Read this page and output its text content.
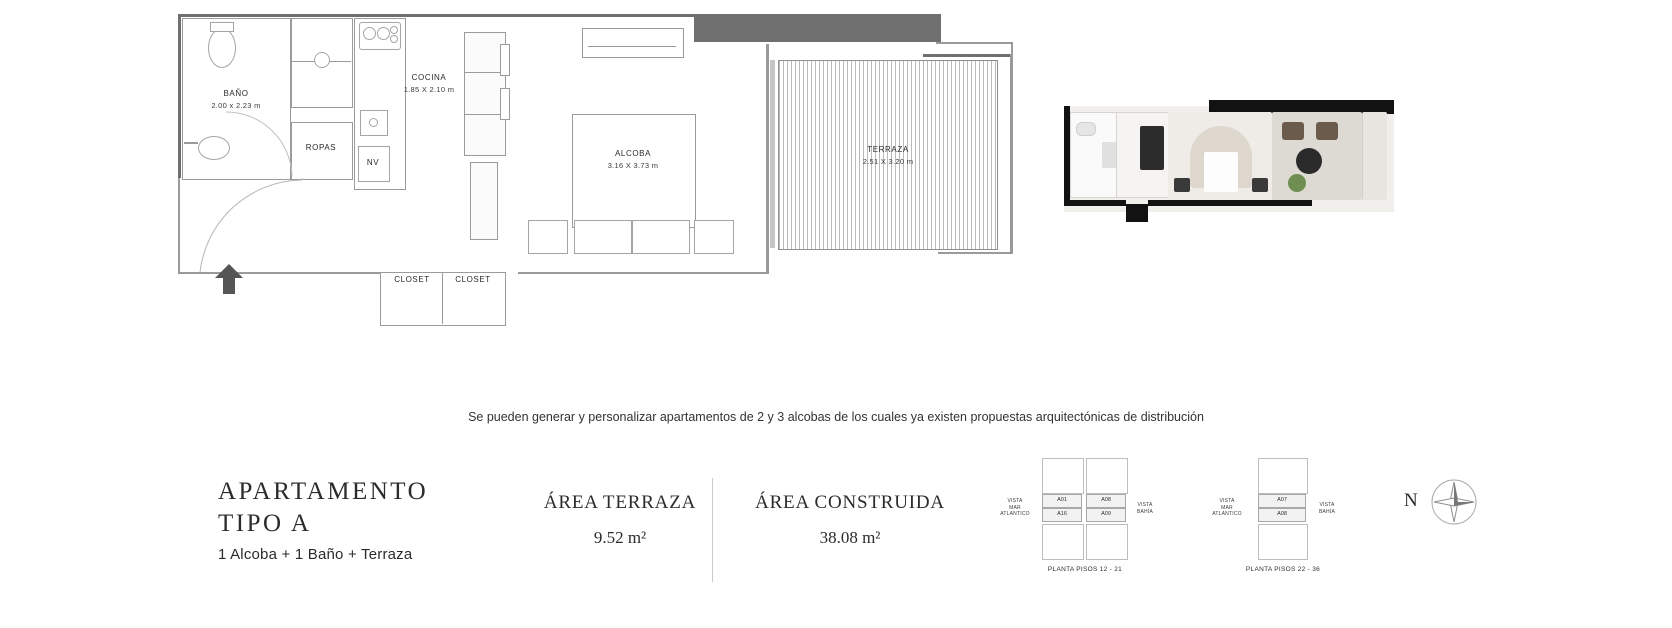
BAÑO
2.00 x 2.23 m
ROPAS
NV
COCINA
1.85 X 2.10 m
ALCOBA
3.16 X 3.73 m
CLOSET	CLOSET
TERRAZA
2.51 X 3.20 m
Se pueden generar y personalizar apartamentos de 2 y 3 alcobas de los cuales ya existen propuestas arquitectónicas de distribución
APARTAMENTO
TIPO A
1 Alcoba + 1 Baño + Terraza
ÁREA TERRAZA
9.52 m²
ÁREA CONSTRUIDA
38.08 m²
A01
A16
A08
A09
VISTA
MAR
ATLANTICO
VISTA
BAHÍA
PLANTA PISOS 12 - 21
A07
A08
VISTA
MAR
ATLANTICO
VISTA
BAHÍA
PLANTA PISOS 22 - 36
N
